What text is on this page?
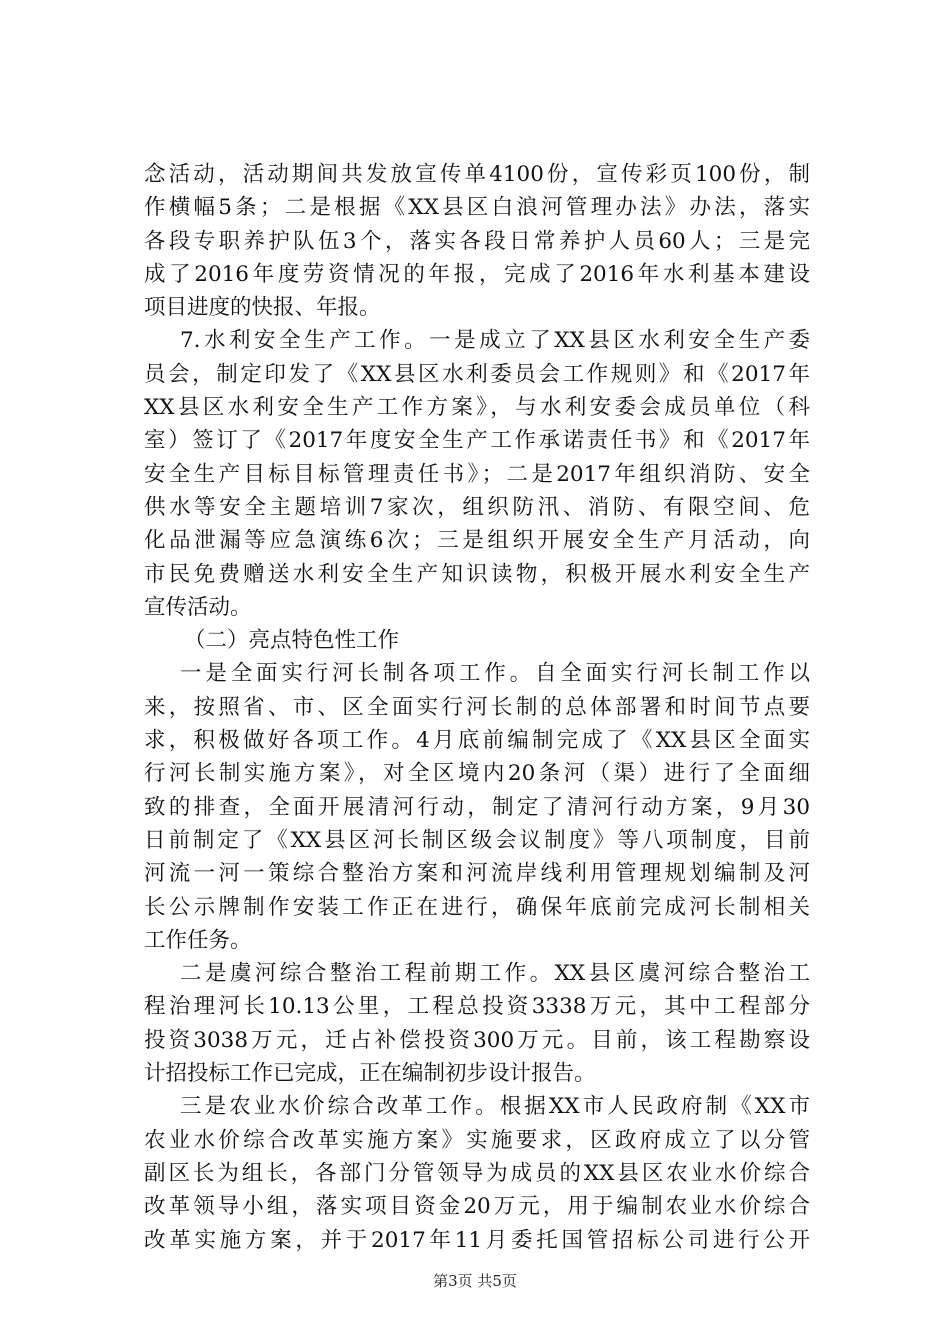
念活动，活动期间共发放宣传单4100份，宣传彩页100份，制
作横幅5条；二是根据《XX县区白浪河管理办法》办法，落实
各段专职养护队伍3个，落实各段日常养护人员60人；三是完
成了2016年度劳资情况的年报，完成了2016年水利基本建设
项目进度的快报、年报。
7.水利安全生产工作。一是成立了XX县区水利安全生产委
员会，制定印发了《XX县区水利委员会工作规则》和《2017年
XX县区水利安全生产工作方案》，与水利安委会成员单位（科
室）签订了《2017年度安全生产工作承诺责任书》和《2017年
安全生产目标目标管理责任书》；二是2017年组织消防、安全
供水等安全主题培训7家次，组织防汛、消防、有限空间、危
化品泄漏等应急演练6次；三是组织开展安全生产月活动，向
市民免费赠送水利安全生产知识读物，积极开展水利安全生产
宣传活动。
（二）亮点特色性工作
一是全面实行河长制各项工作。自全面实行河长制工作以
来，按照省、市、区全面实行河长制的总体部署和时间节点要
求，积极做好各项工作。4月底前编制完成了《XX县区全面实
行河长制实施方案》，对全区境内20条河（渠）进行了全面细
致的排查，全面开展清河行动，制定了清河行动方案，9月30
日前制定了《XX县区河长制区级会议制度》等八项制度，目前
河流一河一策综合整治方案和河流岸线利用管理规划编制及河
长公示牌制作安装工作正在进行，确保年底前完成河长制相关
工作任务。
二是虞河综合整治工程前期工作。XX县区虞河综合整治工
程治理河长10.13公里，工程总投资3338万元，其中工程部分
投资3038万元，迁占补偿投资300万元。目前，该工程勘察设
计招投标工作已完成，正在编制初步设计报告。
三是农业水价综合改革工作。根据XX市人民政府制《XX市
农业水价综合改革实施方案》实施要求，区政府成立了以分管
副区长为组长，各部门分管领导为成员的XX县区农业水价综合
改革领导小组，落实项目资金20万元，用于编制农业水价综合
改革实施方案，并于2017年11月委托国管招标公司进行公开
第3页 共5页
